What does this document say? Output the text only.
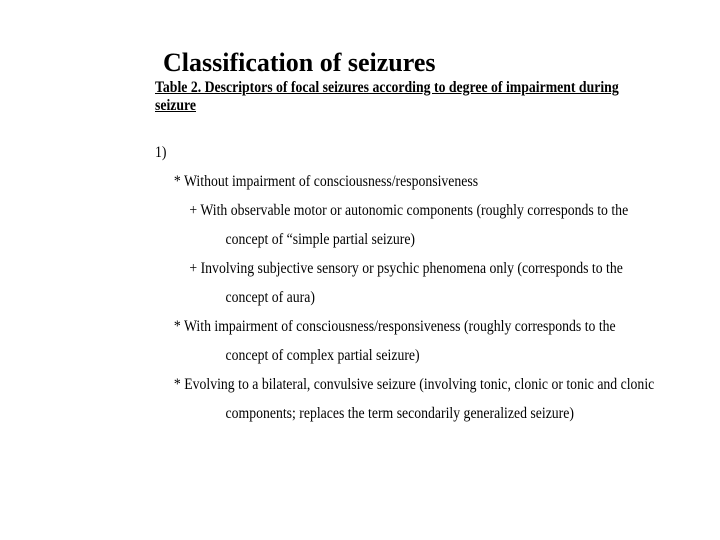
Classification of seizures
Table 2. Descriptors of focal seizures according to degree of impairment during
seizure
1)
* Without impairment of consciousness/responsiveness
+ With observable motor or autonomic components (roughly corresponds to the
concept of “simple partial seizure)
+ Involving subjective sensory or psychic phenomena only (corresponds to the
concept of aura)
* With impairment of consciousness/responsiveness (roughly corresponds to the
concept of complex partial seizure)
* Evolving to a bilateral, convulsive seizure (involving tonic, clonic or tonic and clonic
components; replaces the term secondarily generalized seizure)
